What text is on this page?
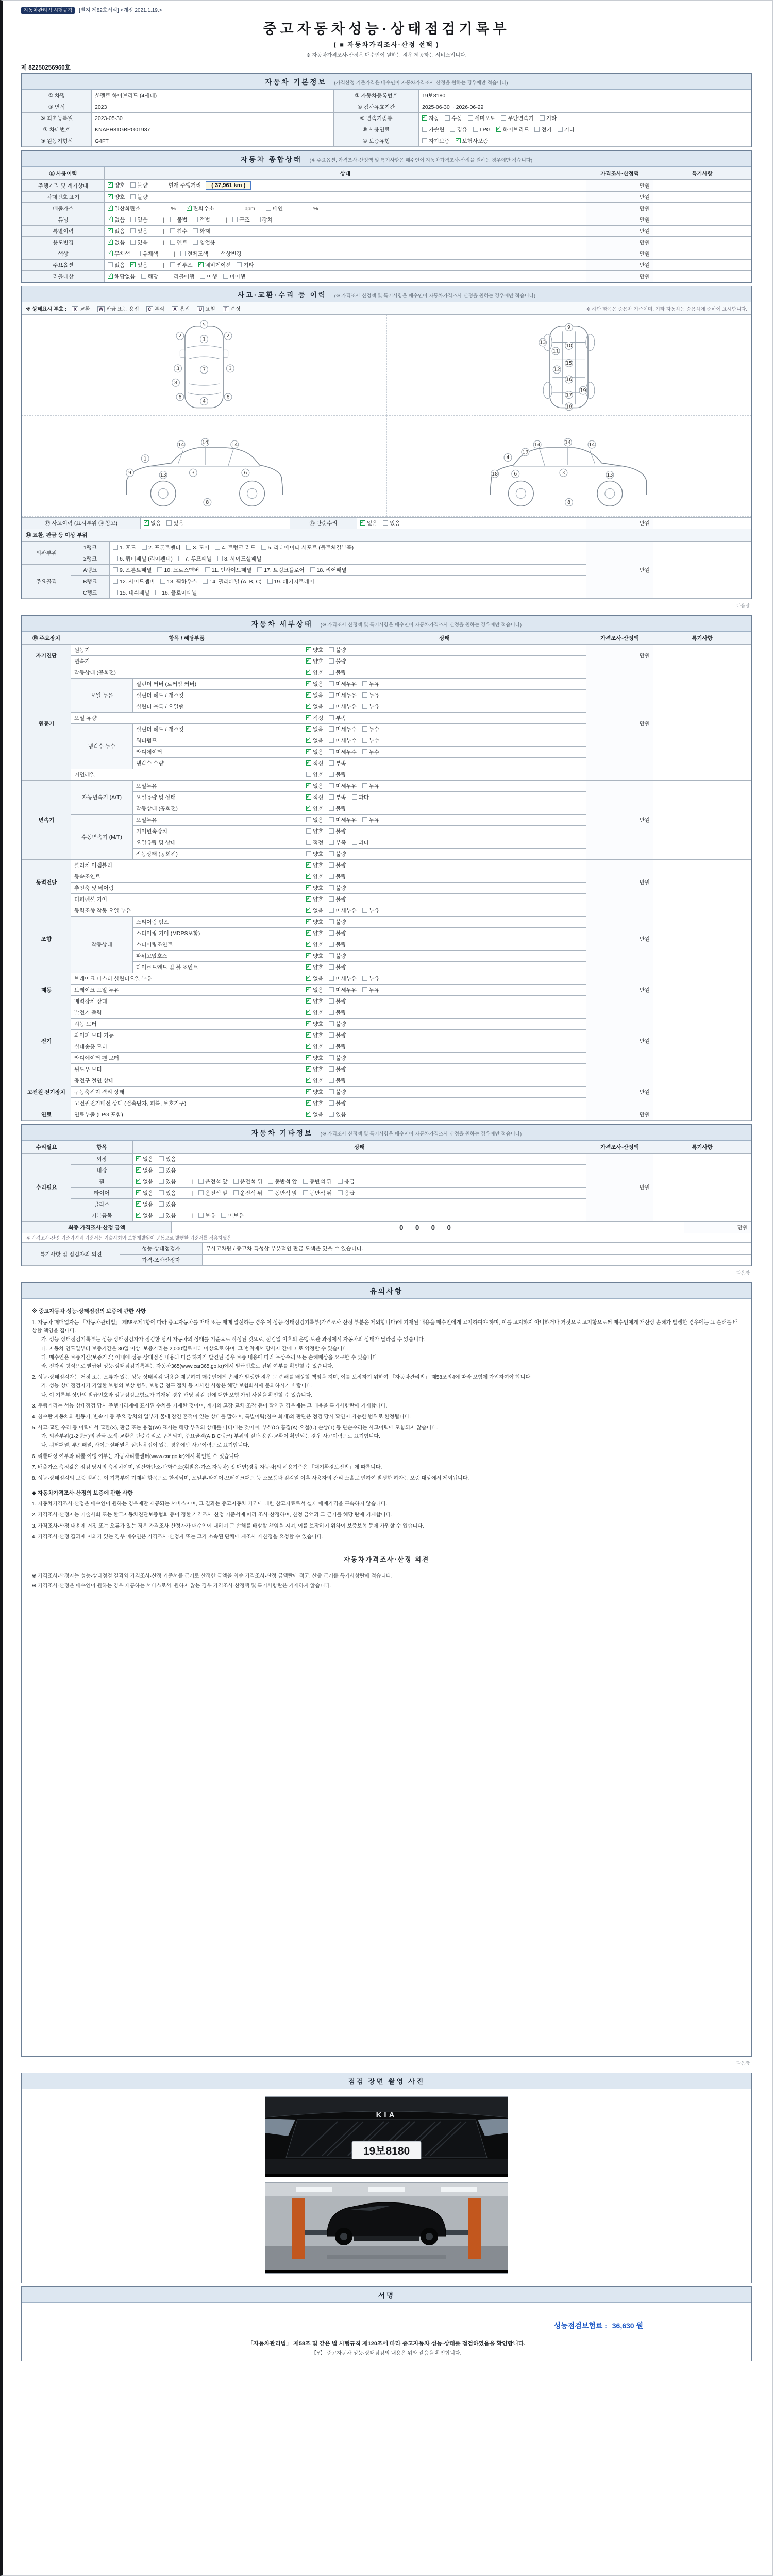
자동차관리법 시행규칙 [별지 제82호서식] <개정 2021.1.19.>
중고자동차성능·상태점검기록부
( ■ 자동차가격조사·산정 선택 )
※ 자동차가격조사·산정은 매수인이 원하는 경우 제공하는 서비스입니다.
제 82250256960호
자동차 기본정보 (가격산정 기준가격은 매수인이 자동차가격조사·산정을 원하는 경우에만 적습니다)
① 차명	쏘렌토 하이브리드 (4세대)	② 자동차등록번호	19보8180
③ 연식	2023	④ 검사유효기간	2025-06-30 ~ 2026-06-29
⑤ 최초등록일	2023-05-30	⑥ 변속기종류	✓자동 수동 세미오토 무단변속기 기타
⑦ 차대번호	KNAPH81GBPG01937	⑧ 사용연료	가솔린 경유 LPG ✓ 하이브리드 전기 기타
⑨ 원동기형식	G4FT	⑩ 보증유형	자가보증 ✓ 보험사보증
자동차 종합상태 (※ 주요옵션, 가격조사·산정액 및 특기사항은 매수인이 자동차가격조사·산정을 원하는 경우에만 적습니다)
⑪ 사용이력	상태	가격조사·산정액	특기사항
주행거리 및 계기상태	✓양호 불량 현재 주행거리 ( 37,961 km )	만원	
차대번호 표기	✓양호 불량	만원	
배출가스	✓일산화탄소 % ✓ 탄화수소 ppm 매연 %	만원	
튜닝	✓없음 있음 | 불법 적법 | 구조 장치	만원	
특별이력	✓없음 있음 | 침수 화재	만원	
용도변경	✓없음 있음 | 렌트 영업용	만원	
색상	✓무채색 유채색 | 전체도색 색상변경	만원	
주요옵션	없음 ✓ 있음 | 썬루프 ✓ 네비게이션 기타	만원	
리콜대상	✓해당없음 해당 리콜이행 이행 미이행	만원	
사고·교환·수리 등 이력 (※ 가격조사·산정액 및 특기사항은 매수인이 자동차가격조사·산정을 원하는 경우에만 적습니다)
※ 상태표시 부호 :	X 교환	W 판금 또는 용접	C 부식	A 흠집	U 요철	T 손상	※ 하단 항목은 승용차 기준이며, 기타 자동차는 승용차에 준하여 표시합니다.
5
1
2	2
3	3
7
8
6	6
4
9
10
11
13
12
15
16
19
17
18
14	14	14
9
1
13	3
8
6
14
14
14
4
18	6
19
3
8
13
⑫ 사고이력 (표시부위 ⑭ 참고)	✓없음 있음	⑬ 단순수리	✓없음 있음	만원	
⑭ 교환, 판금 등 이상 부위
외판부위	1랭크	1. 후드 2. 프론트펜더 3. 도어 4. 트렁크 리드 5. 라디에이터 서포트 (볼트체결부품)	만원	
	2랭크	6. 쿼터패널 (리어펜더) 7. 루프패널 8. 사이드실패널		
주요골격	A랭크	9. 프론트패널 10. 크로스멤버 11. 인사이드패널 17. 트렁크플로어 18. 리어패널		
	B랭크	12. 사이드멤버 13. 휠하우스 14. 필러패널 (A, B, C) 19. 패키지트레이		
	C랭크	15. 대쉬패널 16. 플로어패널		
다음장
자동차 세부상태 (※ 가격조사·산정액 및 특기사항은 매수인이 자동차가격조사·산정을 원하는 경우에만 적습니다)
⑮ 주요장치	항목 / 해당부품		상태	가격조사·산정액	특기사항
자기진단	원동기	✓양호 불량	만원	
	변속기	✓양호 불량
원동기	작동상태 (공회전)	✓양호 불량	만원	
	오일 누유	실린더 커버 (로커암 커버)	✓없음 미세누유 누유
		실린더 헤드 / 개스킷	✓없음 미세누유 누유
		실린더 블록 / 오일팬	✓없음 미세누유 누유
	오일 유량	✓적정 부족
	냉각수 누수	실린더 헤드 / 개스킷	✓없음 미세누수 누수
		워터펌프	✓없음 미세누수 누수
		라디에이터	✓없음 미세누수 누수
		냉각수 수량	✓적정 부족
	커먼레일		양호 불량		
변속기	자동변속기 (A/T)	오일누유	✓없음 미세누유 누유	만원	
		오일유량 및 상태	✓적정 부족 과다
		작동상태 (공회전)	✓양호 불량
	수동변속기 (M/T)	오일누유	없음 미세누유 누유		
		기어변속장치	양호 불량		
		오일유량 및 상태	적정 부족 과다		
		작동상태 (공회전)	양호 불량		
동력전달	클러치 어셈블리	✓양호 불량	만원	
	등속조인트	✓양호 불량
	추진축 및 베어링	✓양호 불량
	디퍼렌셜 기어	✓양호 불량
조향	동력조향 작동 오일 누유	✓없음 미세누유 누유	만원	
	작동상태	스티어링 펌프	✓양호 불량
		스티어링 기어 (MDPS포함)	✓양호 불량
		스티어링조인트	✓양호 불량
		파워고압호스	✓양호 불량
		타이로드엔드 및 볼 조인트	✓양호 불량
제동	브레이크 마스터 실린더오일 누유	✓없음 미세누유 누유	만원	
	브레이크 오일 누유	✓없음 미세누유 누유
	배력장치 상태	✓양호 불량
전기	발전기 출력	✓양호 불량	만원	
	시동 모터	✓양호 불량
	와이퍼 모터 기능	✓양호 불량
	실내송풍 모터	✓양호 불량
	라디에이터 팬 모터	✓양호 불량
	윈도우 모터	✓양호 불량
고전원 전기장치	충전구 절연 상태	✓양호 불량	만원	
	구동축전지 격리 상태	✓양호 불량
	고전원전기배선 상태 (접속단자, 피복, 보호기구)	✓양호 불량
연료	연료누출 (LPG 포함)	✓없음 있음	만원	
자동차 기타정보 (※ 가격조사·산정액 및 특기사항은 매수인이 자동차가격조사·산정을 원하는 경우에만 적습니다)
수리필요	항목	상태	가격조사·산정액	특기사항
수리필요	외장	✓없음 있음	만원	
	내장	✓없음 있음
	휠	✓없음 있음 | 운전석 앞 운전석 뒤 동반석 앞 동반석 뒤 응급
	타이어	✓없음 있음 | 운전석 앞 운전석 뒤 동반석 앞 동반석 뒤 응급
	글라스	✓없음 있음
	기본품목	✓없음 있음 | 보유 미보유
최종 가격조사·산정 금액	0 0 0 0	만원
※ 가격조사·산정 기준가격과 기준서는 기술사회와 보험개발원이 공동으로 발행한 기준서를 적용하였음
특기사항 및 점검자의 의견	성능·상태점검자	무사고차량 / 중고차 특성상 부분적인 판금 도색은 있을 수 있습니다.
	가격·조사산정자	
다음장
유의사항
※ 중고자동차 성능·상태점검의 보증에 관한 사항
1. 자동차 매매업자는 「자동차관리법」 제58조제1항에 따라 중고자동차를 매매 또는 매매 알선하는 경우 이 성능·상태점검기록부(가격조사·산정 부분은 제외합니다)에 기재된 내용을 매수인에게 고지하여야 하며, 이를 고지하지 아니하거나 거짓으로 고지함으로써 매수인에게 재산상 손해가 발생한 경우에는 그 손해를 배상할 책임을 집니다.
가. 성능·상태점검기록부는 성능·상태점검자가 점검한 당시 자동차의 상태를 기준으로 작성된 것으로, 점검일 이후의 운행·보관 과정에서 자동차의 상태가 달라질 수 있습니다.
나. 자동차 인도일부터 보증기간은 30일 이상, 보증거리는 2,000킬로미터 이상으로 하며, 그 범위에서 당사자 간에 따로 약정할 수 있습니다.
다. 매수인은 보증기간(보증거리) 이내에 성능·상태점검 내용과 다른 하자가 발견된 경우 보증 내용에 따라 무상수리 또는 손해배상을 요구할 수 있습니다.
라. 전자적 방식으로 발급된 성능·상태점검기록부는 자동차365(www.car365.go.kr)에서 발급번호로 진위 여부를 확인할 수 있습니다.
2. 성능·상태점검자는 거짓 또는 오류가 있는 성능·상태점검 내용을 제공하여 매수인에게 손해가 발생한 경우 그 손해를 배상할 책임을 지며, 이를 보장하기 위하여 「자동차관리법」 제58조의4에 따라 보험에 가입하여야 합니다.
가. 성능·상태점검자가 가입한 보험의 보상 범위, 보험금 청구 절차 등 자세한 사항은 해당 보험회사에 문의하시기 바랍니다.
나. 이 기록부 상단의 발급번호와 성능점검보험료가 기재된 경우 해당 점검 건에 대한 보험 가입 사실을 확인할 수 있습니다.
3. 주행거리는 성능·상태점검 당시 주행거리계에 표시된 수치를 기재한 것이며, 계기의 고장·교체·조작 등이 확인된 경우에는 그 내용을 특기사항란에 기재합니다.
4. 침수란 자동차의 원동기, 변속기 등 주요 장치의 일부가 물에 잠긴 흔적이 있는 상태를 말하며, 특별이력(침수·화재)의 판단은 점검 당시 확인이 가능한 범위로 한정됩니다.
5. 사고·교환·수리 등 이력에서 교환(X), 판금 또는 용접(W) 표시는 해당 부위의 상태를 나타내는 것이며, 부식(C)·흠집(A)·요철(U)·손상(T) 등 단순수리는 사고이력에 포함되지 않습니다.
가. 외판부위(1·2랭크)의 판금·도색·교환은 단순수리로 구분되며, 주요골격(A·B·C랭크) 부위의 절단·용접·교환이 확인되는 경우 사고이력으로 표기합니다.
나. 쿼터패널, 루프패널, 사이드실패널은 절단·용접이 있는 경우에만 사고이력으로 표기합니다.
6. 리콜대상 여부와 리콜 이행 여부는 자동차리콜센터(www.car.go.kr)에서 확인할 수 있습니다.
7. 배출가스 측정값은 점검 당시의 측정치이며, 일산화탄소·탄화수소(휘발유·가스 자동차) 및 매연(경유 자동차)의 허용기준은 「대기환경보전법」에 따릅니다.
8. 성능·상태점검의 보증 범위는 이 기록부에 기재된 항목으로 한정되며, 오일류·타이어·브레이크패드 등 소모품과 점검일 이후 사용자의 관리 소홀로 인하여 발생한 하자는 보증 대상에서 제외됩니다.
◆ 자동차가격조사·산정의 보증에 관한 사항
1. 자동차가격조사·산정은 매수인이 원하는 경우에만 제공되는 서비스이며, 그 결과는 중고자동차 가격에 대한 참고자료로서 실제 매매가격을 구속하지 않습니다.
2. 가격조사·산정자는 기술사회 또는 한국자동차진단보증협회 등이 정한 가격조사·산정 기준서에 따라 조사·산정하며, 산정 금액과 그 근거를 해당 란에 기재합니다.
3. 가격조사·산정 내용에 거짓 또는 오류가 있는 경우 가격조사·산정자가 매수인에 대하여 그 손해를 배상할 책임을 지며, 이를 보장하기 위하여 보증보험 등에 가입할 수 있습니다.
4. 가격조사·산정 결과에 이의가 있는 경우 매수인은 가격조사·산정자 또는 그가 소속된 단체에 재조사·재산정을 요청할 수 있습니다.
자동차가격조사·산정 의견
※ 가격조사·산정자는 성능·상태점검 결과와 가격조사·산정 기준서를 근거로 산정한 금액을 최종 가격조사·산정 금액란에 적고, 산출 근거를 특기사항란에 적습니다.
※ 가격조사·산정은 매수인이 원하는 경우 제공하는 서비스로서, 원하지 않는 경우 가격조사·산정액 및 특기사항란은 기재하지 않습니다.
다음장
점검 장면 촬영 사진
KIA
19보8180
서명
성능점검보험료 : 36,630 원
「자동차관리법」 제58조 및 같은 법 시행규칙 제120조에 따라 중고자동차 성능·상태를 점검하였음을 확인합니다.
【Y】 중고자동차 성능·상태점검의 내용은 위와 같음을 확인합니다.
